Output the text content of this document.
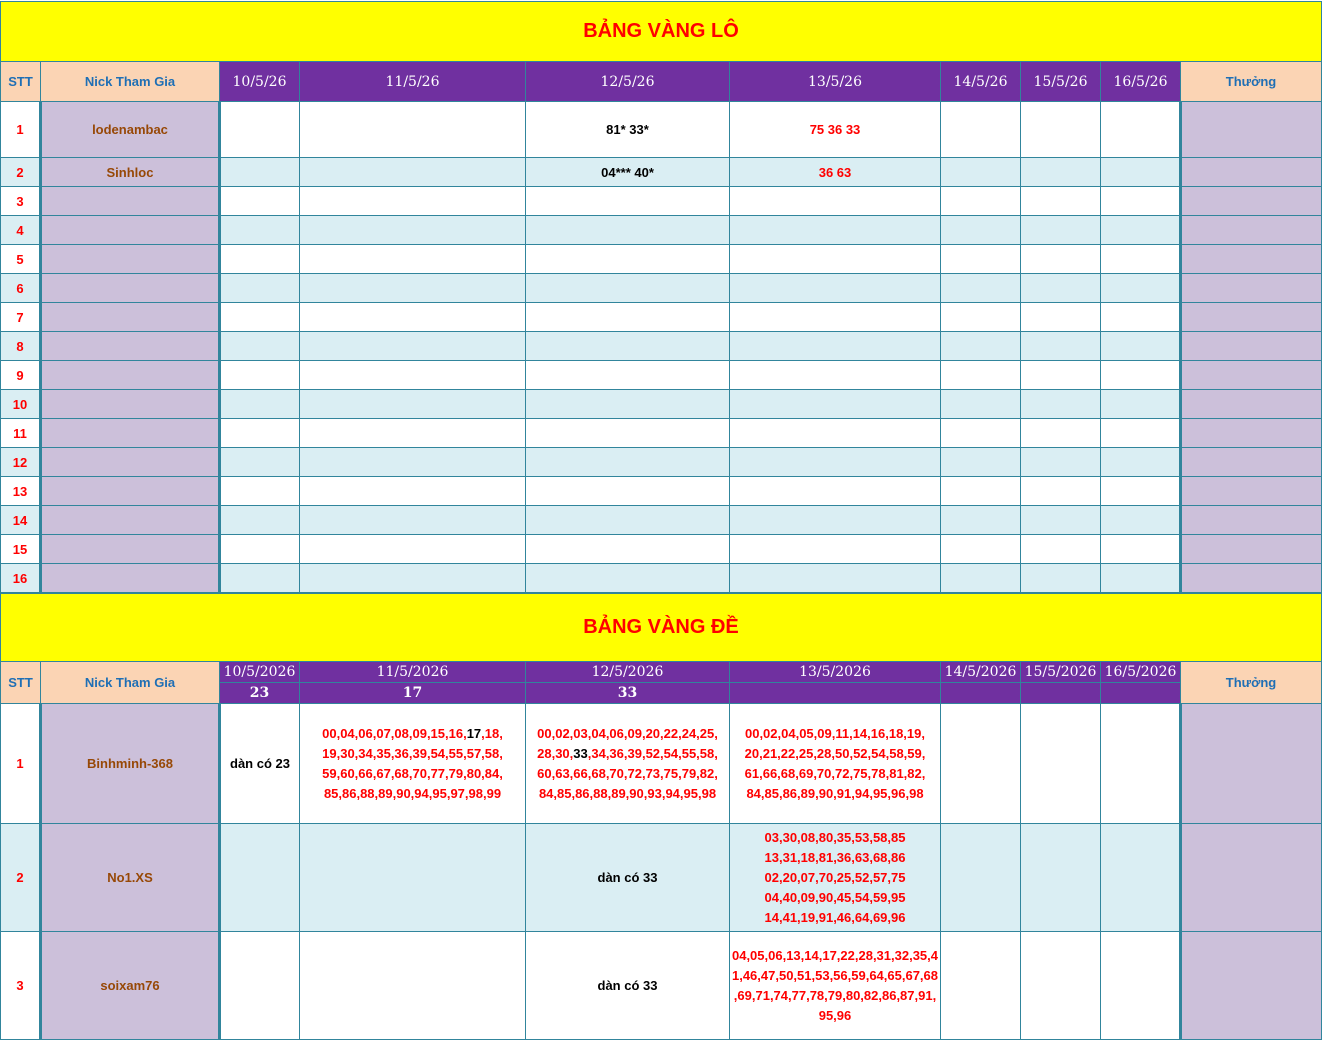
BẢNG VÀNG LÔ									
STT	Nick Tham Gia	10/5/26	11/5/26	12/5/26	13/5/26	14/5/26	15/5/26	16/5/26	Thưởng
1	lodenambac			81* 33*	75 36 33				
2	Sinhloc			04*** 40*	36 63				
3									
4									
5									
6									
7									
8									
9									
10									
11									
12									
13									
14									
15									
16									
BẢNG VÀNG ĐỀ									
STT	Nick Tham Gia	10/5/2026	11/5/2026	12/5/2026	13/5/2026	14/5/2026	15/5/2026	16/5/2026	Thưởng
		23	17	33					
1	Binhminh-368	dàn có 23	00,04,06,07,08,09,15,16,17,18,
19,30,34,35,36,39,54,55,57,58,
59,60,66,67,68,70,77,79,80,84,
85,86,88,89,90,94,95,97,98,99	00,02,03,04,06,09,20,22,24,25,
28,30,33,34,36,39,52,54,55,58,
60,63,66,68,70,72,73,75,79,82,
84,85,86,88,89,90,93,94,95,98	00,02,04,05,09,11,14,16,18,19,
20,21,22,25,28,50,52,54,58,59,
61,66,68,69,70,72,75,78,81,82,
84,85,86,89,90,91,94,95,96,98				

2	No1.XS			dàn có 33	03,30,08,80,35,53,58,85
13,31,18,81,36,63,68,86
02,20,07,70,25,52,57,75
04,40,09,90,45,54,59,95
14,41,19,91,46,64,69,96				

3	soixam76			dàn có 33	04,05,06,13,14,17,22,28,31,32,35,4
1,46,47,50,51,53,56,59,64,65,67,68
,69,71,74,77,78,79,80,82,86,87,91,
95,96				
